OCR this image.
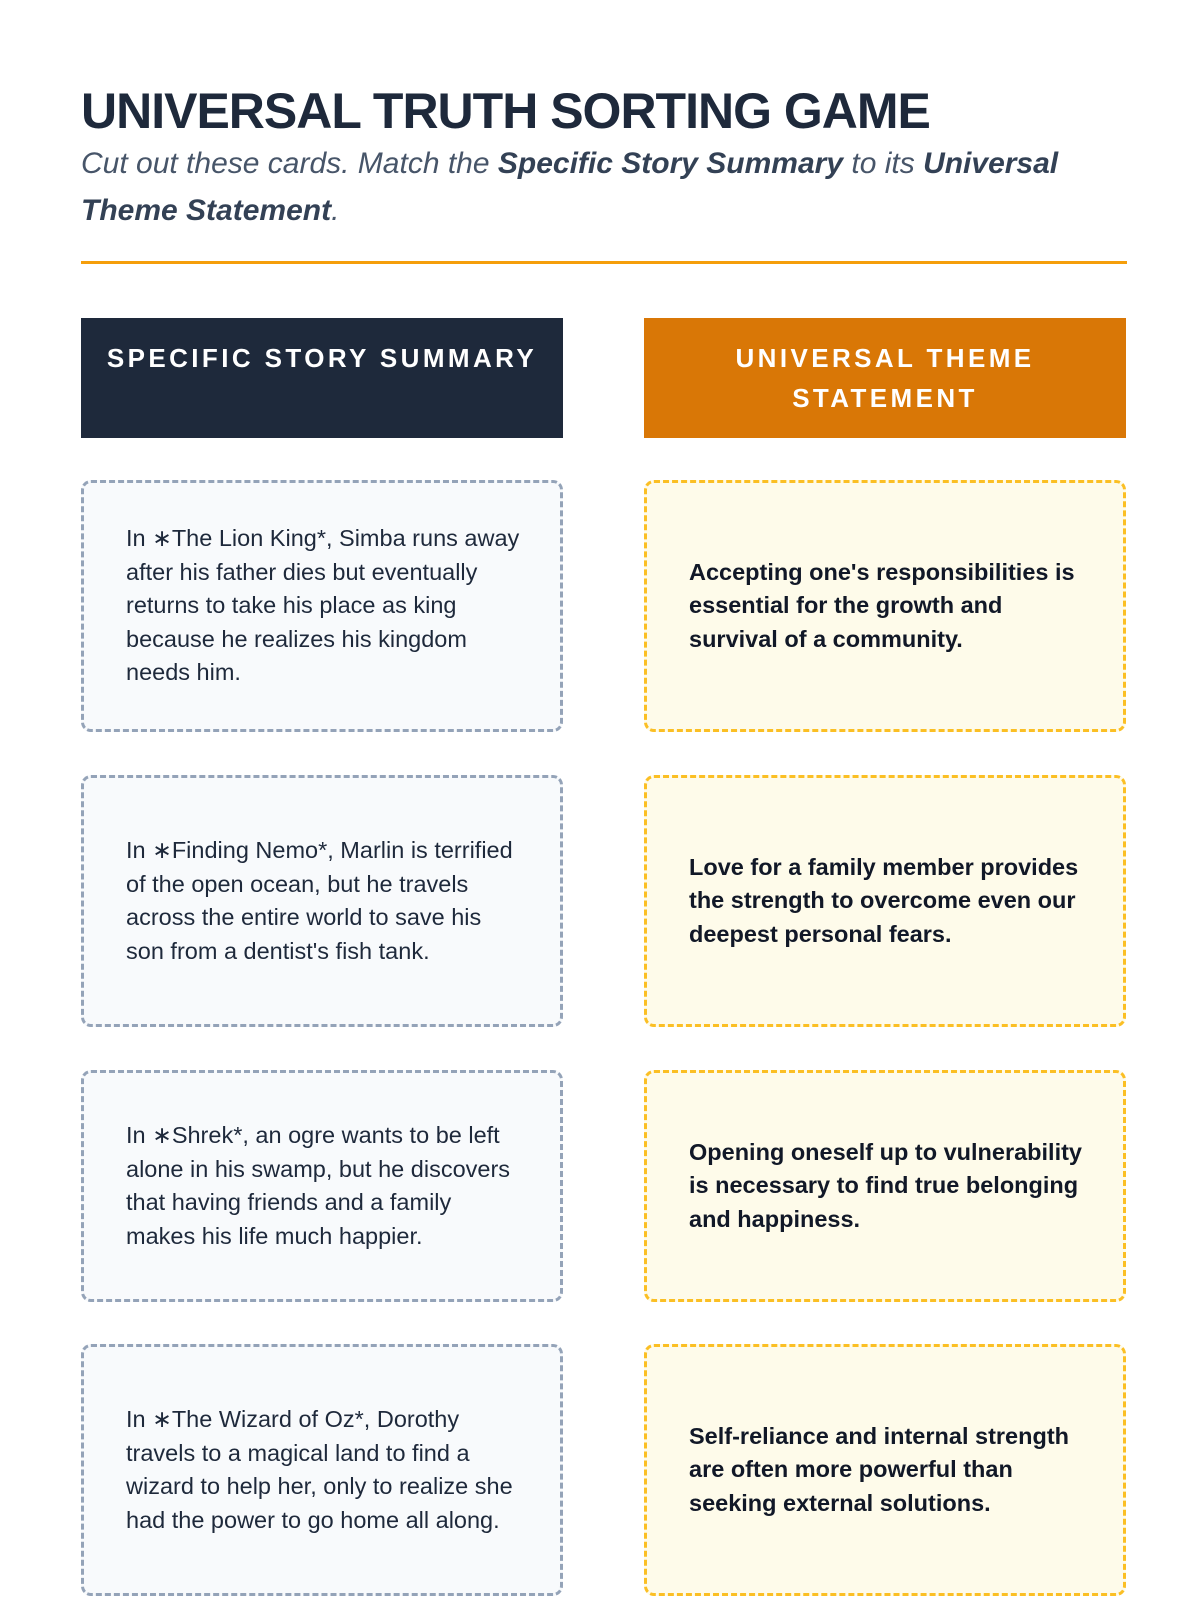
UNIVERSAL TRUTH SORTING GAME

Cut out these cards. Match the Specific Story Summary to its Universal Theme Statement.

SPECIFIC STORY SUMMARY	UNIVERSAL THEME
STATEMENT
In ∗The Lion King*, Simba runs away after his father dies but eventually returns to take his place as king because he realizes his kingdom needs him.
Accepting one's responsibilities is essential for the growth and survival of a community.
In ∗Finding Nemo*, Marlin is terrified of the open ocean, but he travels across the entire world to save his son from a dentist's fish tank.
Love for a family member provides the strength to overcome even our deepest personal fears.
In ∗Shrek*, an ogre wants to be left alone in his swamp, but he discovers that having friends and a family makes his life much happier.
Opening oneself up to vulnerability is necessary to find true belonging and happiness.
In ∗The Wizard of Oz*, Dorothy travels to a magical land to find a wizard to help her, only to realize she had the power to go home all along.
Self-reliance and internal strength are often more powerful than seeking external solutions.
